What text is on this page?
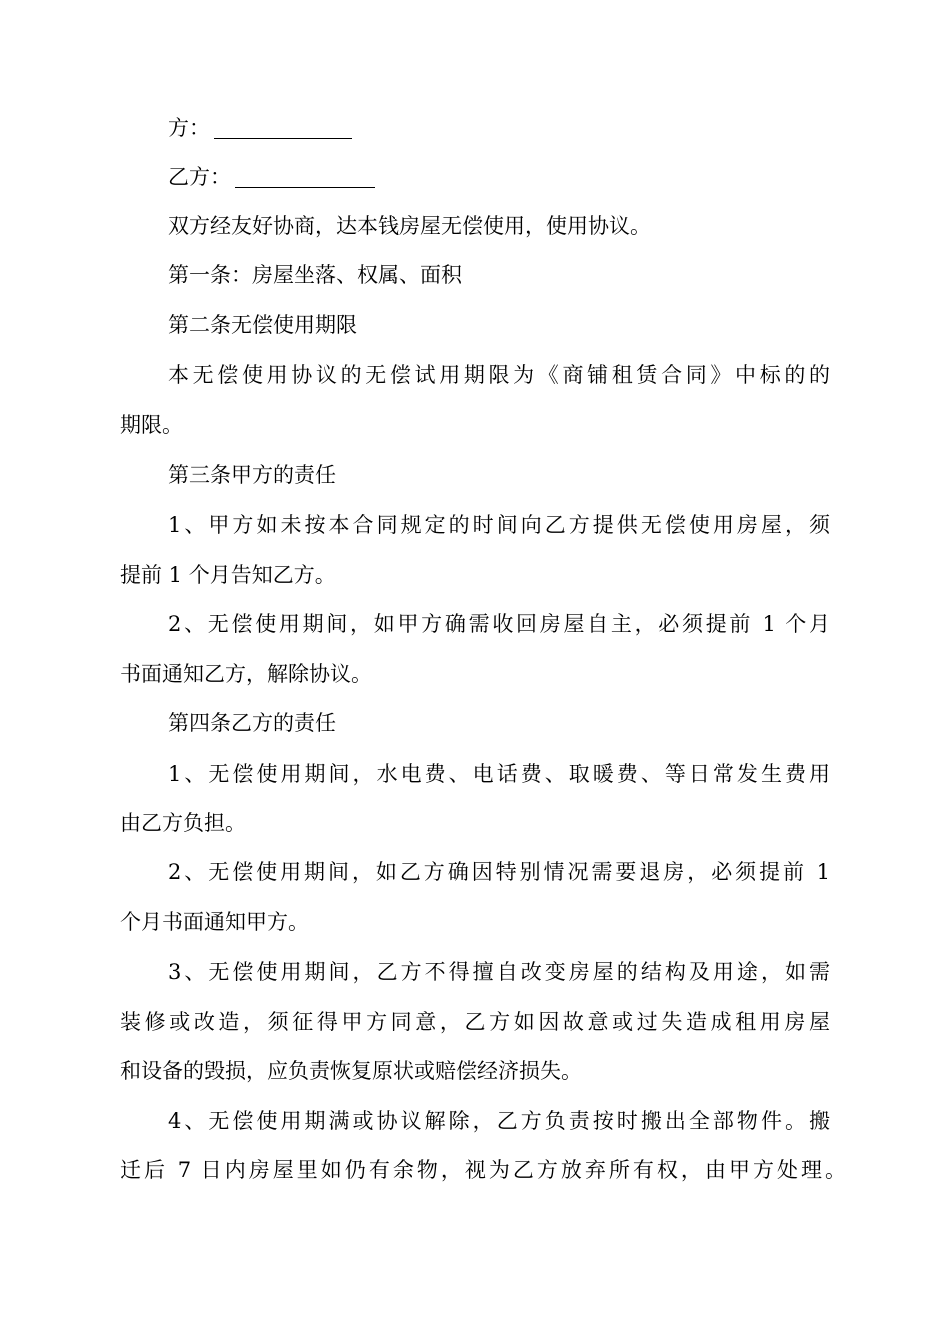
方：
乙方：
双方经友好协商，达本钱房屋无偿使用，使用协议。
第一条：房屋坐落、权属、面积
第二条无偿使用期限
本无偿使用协议的无偿试用期限为《商铺租赁合同》中标的的
期限。
第三条甲方的责任
1、甲方如未按本合同规定的时间向乙方提供无偿使用房屋，须
提前 1 个月告知乙方。
2、无偿使用期间，如甲方确需收回房屋自主，必须提前 1 个月
书面通知乙方，解除协议。
第四条乙方的责任
1、无偿使用期间，水电费、电话费、取暖费、等日常发生费用
由乙方负担。
2、无偿使用期间，如乙方确因特别情况需要退房，必须提前 1
个月书面通知甲方。
3、无偿使用期间，乙方不得擅自改变房屋的结构及用途，如需
装修或改造，须征得甲方同意，乙方如因故意或过失造成租用房屋
和设备的毁损，应负责恢复原状或赔偿经济损失。
4、无偿使用期满或协议解除，乙方负责按时搬出全部物件。搬
迁后 7 日内房屋里如仍有余物，视为乙方放弃所有权，由甲方处理。
